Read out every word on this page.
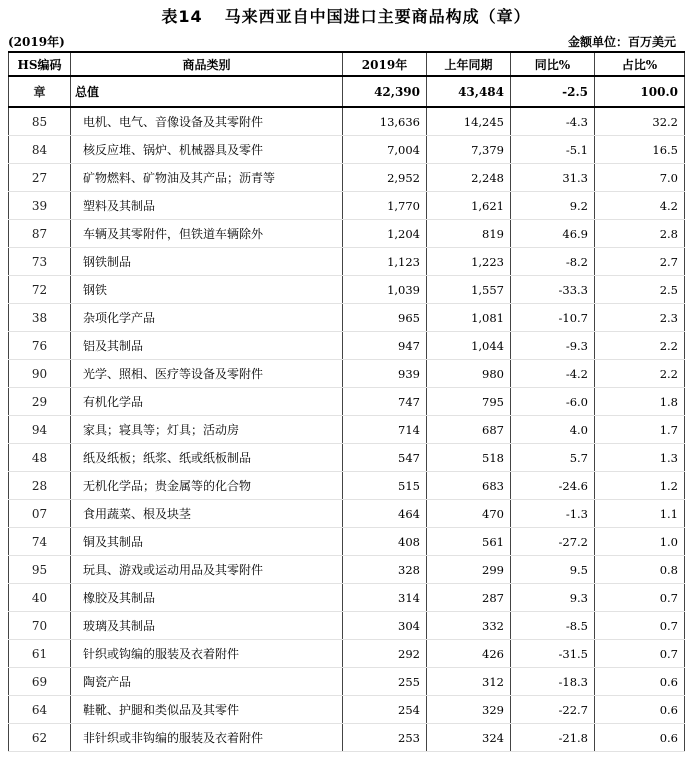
表14 马来西亚自中国进口主要商品构成（章）
(2019年)	金额单位：百万美元
HS编码	商品类别	2019年	上年同期	同比%	占比%
章	总值	42,390	43,484	-2.5	100.0
85	电机、电气、音像设备及其零附件	13,636	14,245	-4.3	32.2
84	核反应堆、锅炉、机械器具及零件	7,004	7,379	-5.1	16.5
27	矿物燃料、矿物油及其产品；沥青等	2,952	2,248	31.3	7.0
39	塑料及其制品	1,770	1,621	9.2	4.2
87	车辆及其零附件，但铁道车辆除外	1,204	819	46.9	2.8
73	钢铁制品	1,123	1,223	-8.2	2.7
72	钢铁	1,039	1,557	-33.3	2.5
38	杂项化学产品	965	1,081	-10.7	2.3
76	铝及其制品	947	1,044	-9.3	2.2
90	光学、照相、医疗等设备及零附件	939	980	-4.2	2.2
29	有机化学品	747	795	-6.0	1.8
94	家具；寝具等；灯具；活动房	714	687	4.0	1.7
48	纸及纸板；纸浆、纸或纸板制品	547	518	5.7	1.3
28	无机化学品；贵金属等的化合物	515	683	-24.6	1.2
07	食用蔬菜、根及块茎	464	470	-1.3	1.1
74	铜及其制品	408	561	-27.2	1.0
95	玩具、游戏或运动用品及其零附件	328	299	9.5	0.8
40	橡胶及其制品	314	287	9.3	0.7
70	玻璃及其制品	304	332	-8.5	0.7
61	针织或钩编的服装及衣着附件	292	426	-31.5	0.7
69	陶瓷产品	255	312	-18.3	0.6
64	鞋靴、护腿和类似品及其零件	254	329	-22.7	0.6
62	非针织或非钩编的服装及衣着附件	253	324	-21.8	0.6
